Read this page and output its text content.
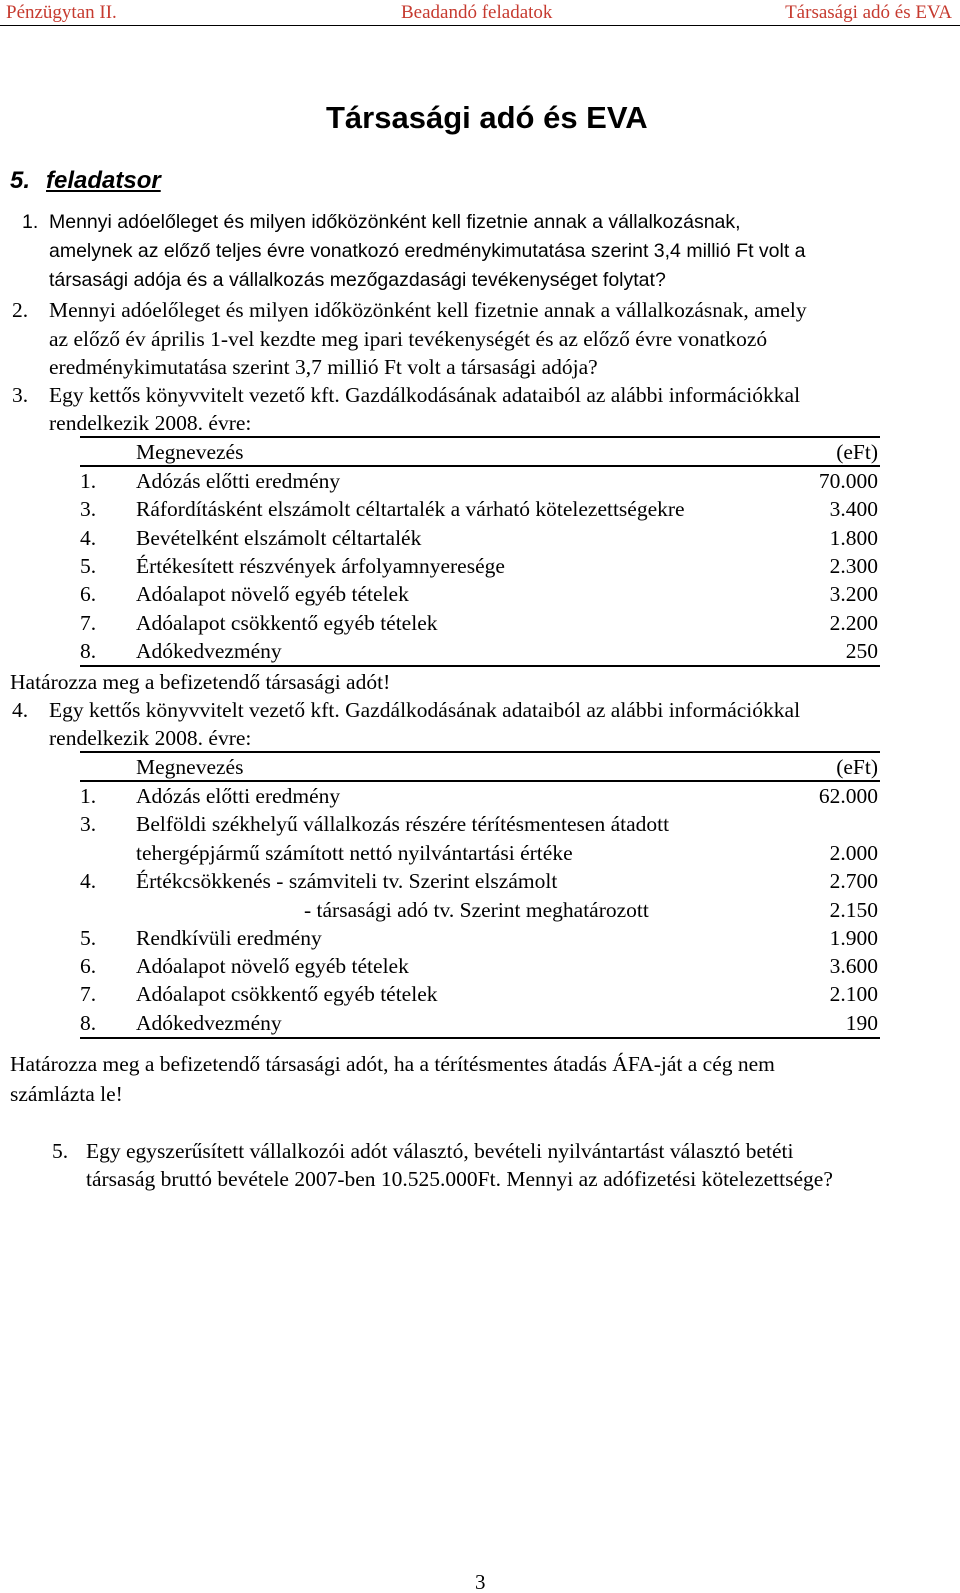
Pénzügytan II.	Beadandó feladatok	Társasági adó és EVA
Társasági adó és EVA
5. feladatsor
1. Mennyi adóelőleget és milyen időközönként kell fizetnie annak a vállalkozásnak,
amelynek az előző teljes évre vonatkozó eredménykimutatása szerint 3,4 millió Ft volt a
társasági adója és a vállalkozás mezőgazdasági tevékenységet folytat?
2. Mennyi adóelőleget és milyen időközönként kell fizetnie annak a vállalkozásnak, amely
az előző év április 1-vel kezdte meg ipari tevékenységét és az előző évre vonatkozó
eredménykimutatása szerint 3,7 millió Ft volt a társasági adója?
3. Egy kettős könyvvitelt vezető kft. Gazdálkodásának adataiból az alábbi információkkal
rendelkezik 2008. évre:
Megnevezés	(eFt)
1. Adózás előtti eredmény	70.000
3. Ráfordításként elszámolt céltartalék a várható kötelezettségekre	3.400
4. Bevételként elszámolt céltartalék	1.800
5. Értékesített részvények árfolyamnyeresége	2.300
6. Adóalapot növelő egyéb tételek	3.200
7. Adóalapot csökkentő egyéb tételek	2.200
8. Adókedvezmény	250
Határozza meg a befizetendő társasági adót!
4. Egy kettős könyvvitelt vezető kft. Gazdálkodásának adataiból az alábbi információkkal
rendelkezik 2008. évre:
Megnevezés	(eFt)
1. Adózás előtti eredmény	62.000
3. Belföldi székhelyű vállalkozás részére térítésmentesen átadott
tehergépjármű számított nettó nyilvántartási értéke	2.000
4. Értékcsökkenés - számviteli tv. Szerint elszámolt	2.700
- társasági adó tv. Szerint meghatározott	2.150
5. Rendkívüli eredmény	1.900
6. Adóalapot növelő egyéb tételek	3.600
7. Adóalapot csökkentő egyéb tételek	2.100
8. Adókedvezmény	190
Határozza meg a befizetendő társasági adót, ha a térítésmentes átadás ÁFA-ját a cég nem
számlázta le!
5. Egy egyszerűsített vállalkozói adót választó, bevételi nyilvántartást választó betéti
társaság bruttó bevétele 2007-ben 10.525.000Ft. Mennyi az adófizetési kötelezettsége?
3
